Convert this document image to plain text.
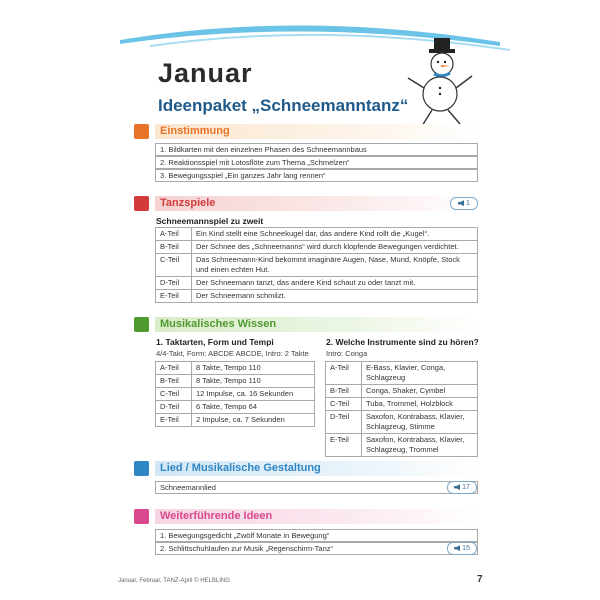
Januar
Ideenpaket „Schneemanntanz“
Einstimmung
1. Bildkarten mit den einzelnen Phasen des Schneemannbaus
2. Reaktionsspiel mit Lotosflöte zum Thema „Schmelzen“
3. Bewegungsspiel „Ein ganzes Jahr lang rennen“
Tanzspiele	1
Schneemannspiel zu zweit
A-Teil	Ein Kind stellt eine Schneekugel dar, das andere Kind rollt die „Kugel“.
B-Teil	Der Schnee des „Schneemanns“ wird durch klopfende Bewegungen verdichtet.
C-Teil	Das Schneemann-Kind bekommt imaginäre Augen, Nase, Mund, Knöpfe, Stock und einen echten Hut.
D-Teil	Der Schneemann tanzt, das andere Kind schaut zu oder tanzt mit.
E-Teil	Der Schneemann schmilzt.
Musikalisches Wissen
1. Taktarten, Form und Tempi
4/4-Takt, Form: ABCDE ABCDE, Intro: 2 Takte
A-Teil	8 Takte, Tempo 110
B-Teil	8 Takte, Tempo 110
C-Teil	12 Impulse, ca. 16 Sekunden
D-Teil	6 Takte, Tempo 64
E-Teil	2 Impulse, ca. 7 Sekunden
2. Welche Instrumente sind zu hören?
Intro: Conga
A-Teil	E-Bass, Klavier, Conga, Schlagzeug
B-Teil	Conga, Shaker, Cymbel
C-Teil	Tuba, Trommel, Holzblock
D-Teil	Saxofon, Kontrabass, Klavier, Schlagzeug, Stimme
E-Teil	Saxofon, Kontrabass, Klavier, Schlagzeug, Trommel
Lied / Musikalische Gestaltung
Schneemannlied	17
Weiterführende Ideen
1. Bewegungsgedicht „Zwölf Monate in Bewegung“
2. Schlittschuhlaufen zur Musik „Regenschirm-Tanz“	15
Januar, Februar, TANZ-April © HELBLING	7
